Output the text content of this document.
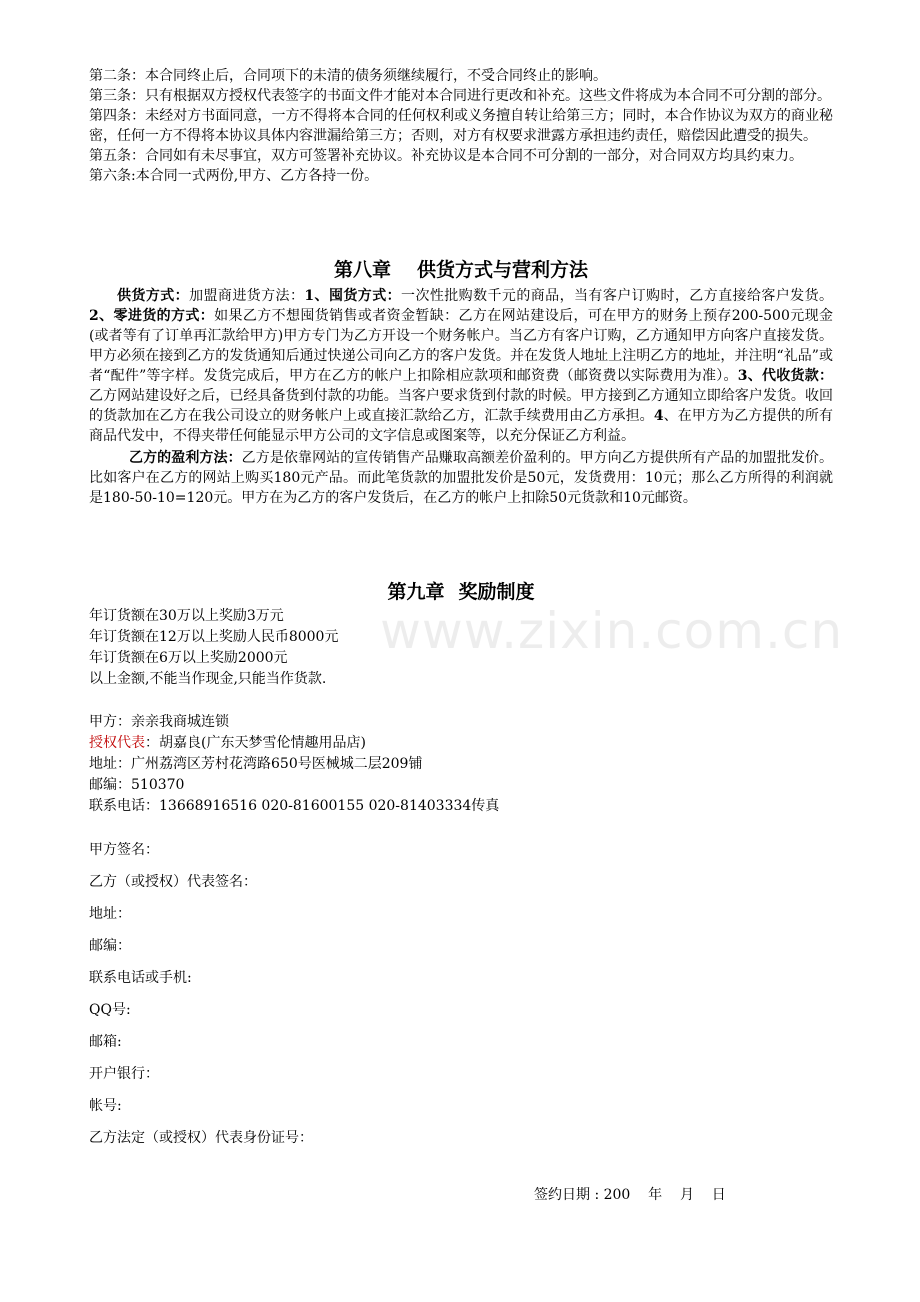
www.zixin.com.cn

第二条：本合同终止后，合同项下的未清的债务须继续履行，不受合同终止的影响。

第三条：只有根据双方授权代表签字的书面文件才能对本合同进行更改和补充。这些文件将成为本合同不可分割的部分。

第四条：未经对方书面同意，一方不得将本合同的任何权利或义务擅自转让给第三方；同时，本合作协议为双方的商业秘密，任何一方不得将本协议具体内容泄漏给第三方；否则，对方有权要求泄露方承担违约责任，赔偿因此遭受的损失。

第五条：合同如有未尽事宜，双方可签署补充协议。补充协议是本合同不可分割的一部分，对合同双方均具约束力。

第六条:本合同一式两份,甲方、乙方各持一份。

第八章 供货方式与营利方法

供货方式：加盟商进货方法：1、囤货方式：一次性批购数千元的商品，当有客户订购时，乙方直接给客户发货。2、零进货的方式：如果乙方不想囤货销售或者资金暂缺：乙方在网站建设后，可在甲方的财务上预存200-500元现金(或者等有了订单再汇款给甲方)甲方专门为乙方开设一个财务帐户。当乙方有客户订购，乙方通知甲方向客户直接发货。甲方必须在接到乙方的发货通知后通过快递公司向乙方的客户发货。并在发货人地址上注明乙方的地址，并注明“礼品”或者“配件”等字样。发货完成后，甲方在乙方的帐户上扣除相应款项和邮资费（邮资费以实际费用为准）。3、代收货款：乙方网站建设好之后，已经具备货到付款的功能。当客户要求货到付款的时候。甲方接到乙方通知立即给客户发货。收回的货款加在乙方在我公司设立的财务帐户上或直接汇款给乙方，汇款手续费用由乙方承担。4、在甲方为乙方提供的所有商品代发中，不得夹带任何能显示甲方公司的文字信息或图案等，以充分保证乙方利益。

乙方的盈利方法：乙方是依靠网站的宣传销售产品赚取高额差价盈利的。甲方向乙方提供所有产品的加盟批发价。比如客户在乙方的网站上购买180元产品。而此笔货款的加盟批发价是50元，发货费用：10元；那么乙方所得的利润就是180-50-10=120元。甲方在为乙方的客户发货后，在乙方的帐户上扣除50元货款和10元邮资。

第九章 奖励制度

年订货额在30万以上奖励3万元

年订货额在12万以上奖励人民币8000元

年订货额在6万以上奖励2000元

以上金额,不能当作现金,只能当作货款.

甲方：亲亲我商城连锁

授权代表：胡嘉良(广东天梦雪伦情趣用品店)

地址：广州荔湾区芳村花湾路650号医械城二层209铺

邮编：510370

联系电话：13668916516 020-81600155 020-81403334传真

甲方签名：

乙方（或授权）代表签名：

地址：

邮编：

联系电话或手机:

QQ号:

邮箱:

开户银行：

帐号:

乙方法定（或授权）代表身份证号：

签约日期 : 200    年    月    日
